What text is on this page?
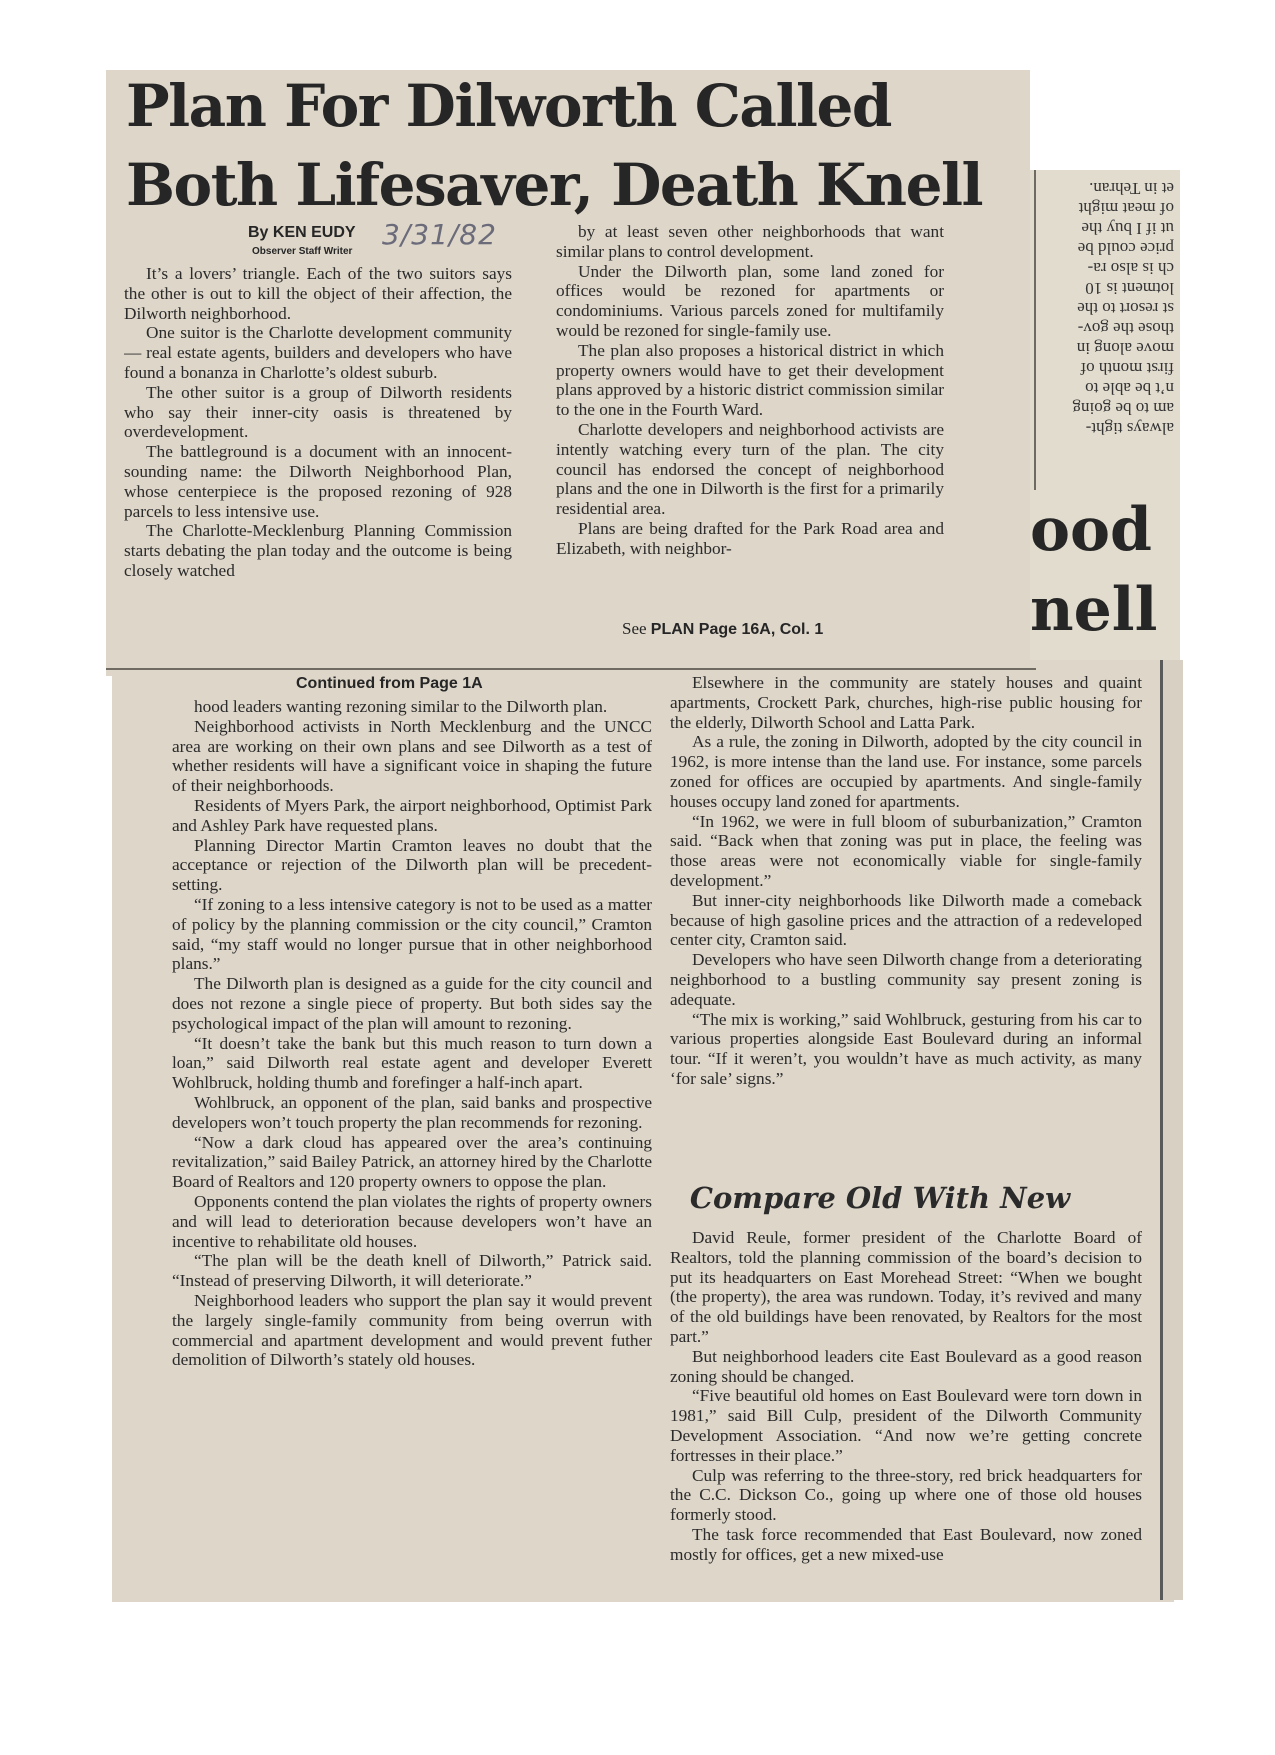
always tight-
am to be going
n’t be able to
first month of
move along in
those the gov-
st resort to the
lotment is 10
ch is also ra-
price could be
ut if I buy the
of meat might
et in Tehran.
ood
nell
Plan For Dilworth Called
Both Lifesaver, Death Knell
By KEN EUDY
Observer Staff Writer
3/31/82

It’s a lovers’ triangle. Each of the two suitors says the other is out to kill the object of their affection, the Dilworth neighborhood.

One suitor is the Charlotte development community — real estate agents, builders and developers who have found a bonanza in Charlotte’s oldest suburb.

The other suitor is a group of Dilworth residents who say their inner-city oasis is threatened by overdevelopment.

The battleground is a document with an innocent-sounding name: the Dilworth Neighborhood Plan, whose centerpiece is the proposed rezoning of 928 parcels to less intensive use.

The Charlotte-Mecklenburg Planning Commission starts debating the plan today and the outcome is being closely watched

by at least seven other neighborhoods that want similar plans to control development.

Under the Dilworth plan, some land zoned for offices would be rezoned for apartments or condominiums. Various parcels zoned for multifamily would be rezoned for single-family use.

The plan also proposes a historical district in which property owners would have to get their development plans approved by a historic district commission similar to the one in the Fourth Ward.

Charlotte developers and neighborhood activists are intently watching every turn of the plan. The city council has endorsed the concept of neighborhood plans and the one in Dilworth is the first for a primarily residential area.

Plans are being drafted for the Park Road area and Elizabeth, with neighbor-

See PLAN Page 16A, Col. 1
Continued from Page 1A

hood leaders wanting rezoning similar to the Dilworth plan.

Neighborhood activists in North Mecklenburg and the UNCC area are working on their own plans and see Dilworth as a test of whether residents will have a significant voice in shaping the future of their neighborhoods.

Residents of Myers Park, the airport neighborhood, Optimist Park and Ashley Park have requested plans.

Planning Director Martin Cramton leaves no doubt that the acceptance or rejection of the Dilworth plan will be precedent-setting.

“If zoning to a less intensive category is not to be used as a matter of policy by the planning commission or the city council,” Cramton said, “my staff would no longer pursue that in other neighborhood plans.”

The Dilworth plan is designed as a guide for the city council and does not rezone a single piece of property. But both sides say the psychological impact of the plan will amount to rezoning.

“It doesn’t take the bank but this much reason to turn down a loan,” said Dilworth real estate agent and developer Everett Wohlbruck, holding thumb and forefinger a half-inch apart.

Wohlbruck, an opponent of the plan, said banks and prospective developers won’t touch property the plan recommends for rezoning.

“Now a dark cloud has appeared over the area’s continuing revitalization,” said Bailey Patrick, an attorney hired by the Charlotte Board of Realtors and 120 property owners to oppose the plan.

Opponents contend the plan violates the rights of property owners and will lead to deterioration because developers won’t have an incentive to rehabilitate old houses.

“The plan will be the death knell of Dilworth,” Patrick said. “Instead of preserving Dilworth, it will deteriorate.”

Neighborhood leaders who support the plan say it would prevent the largely single-family community from being overrun with commercial and apartment development and would prevent futher demolition of Dilworth’s stately old houses.

Elsewhere in the community are stately houses and quaint apartments, Crockett Park, churches, high-rise public housing for the elderly, Dilworth School and Latta Park.

As a rule, the zoning in Dilworth, adopted by the city council in 1962, is more intense than the land use. For instance, some parcels zoned for offices are occupied by apartments. And single-family houses occupy land zoned for apartments.

“In 1962, we were in full bloom of suburbanization,” Cramton said. “Back when that zoning was put in place, the feeling was those areas were not economically viable for single-family development.”

But inner-city neighborhoods like Dilworth made a comeback because of high gasoline prices and the attraction of a redeveloped center city, Cramton said.

Developers who have seen Dilworth change from a deteriorating neighborhood to a bustling community say present zoning is adequate.

“The mix is working,” said Wohlbruck, gesturing from his car to various properties alongside East Boulevard during an informal tour. “If it weren’t, you wouldn’t have as much activity, as many ‘for sale’ signs.”

Compare Old With New

David Reule, former president of the Charlotte Board of Realtors, told the planning commission of the board’s decision to put its headquarters on East Morehead Street: “When we bought (the property), the area was rundown. Today, it’s revived and many of the old buildings have been renovated, by Realtors for the most part.”

But neighborhood leaders cite East Boulevard as a good reason zoning should be changed.

“Five beautiful old homes on East Boulevard were torn down in 1981,” said Bill Culp, president of the Dilworth Community Development Association. “And now we’re getting concrete fortresses in their place.”

Culp was referring to the three-story, red brick headquarters for the C.C. Dickson Co., going up where one of those old houses formerly stood.

The task force recommended that East Boulevard, now zoned mostly for offices, get a new mixed-use
